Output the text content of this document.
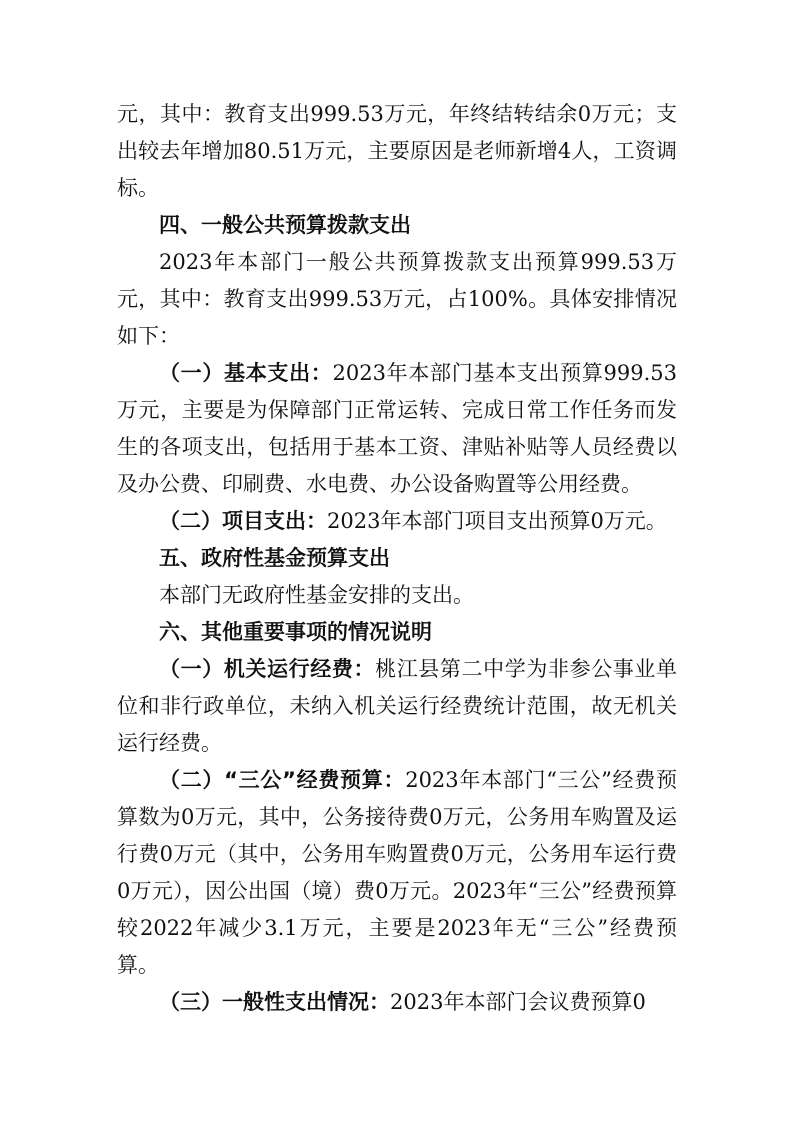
元，其中：教育支出999.53万元，年终结转结余0万元；支出较去年增加80.51万元，主要原因是老师新增4人，工资调标。

四、一般公共预算拨款支出

2023年本部门一般公共预算拨款支出预算999.53万元，其中：教育支出999.53万元，占100%。具体安排情况如下：

（一）基本支出：2023年本部门基本支出预算999.53万元，主要是为保障部门正常运转、完成日常工作任务而发生的各项支出，包括用于基本工资、津贴补贴等人员经费以及办公费、印刷费、水电费、办公设备购置等公用经费。

（二）项目支出：2023年本部门项目支出预算0万元。

五、政府性基金预算支出

本部门无政府性基金安排的支出。

六、其他重要事项的情况说明

（一）机关运行经费：桃江县第二中学为非参公事业单位和非行政单位，未纳入机关运行经费统计范围，故无机关运行经费。

（二）“三公”经费预算：2023年本部门“三公”经费预算数为0万元，其中，公务接待费0万元，公务用车购置及运行费0万元（其中，公务用车购置费0万元，公务用车运行费0万元），因公出国（境）费0万元。2023年“三公”经费预算较2022年减少3.1万元，主要是2023年无“三公”经费预算。

（三）一般性支出情况：2023年本部门会议费预算0
